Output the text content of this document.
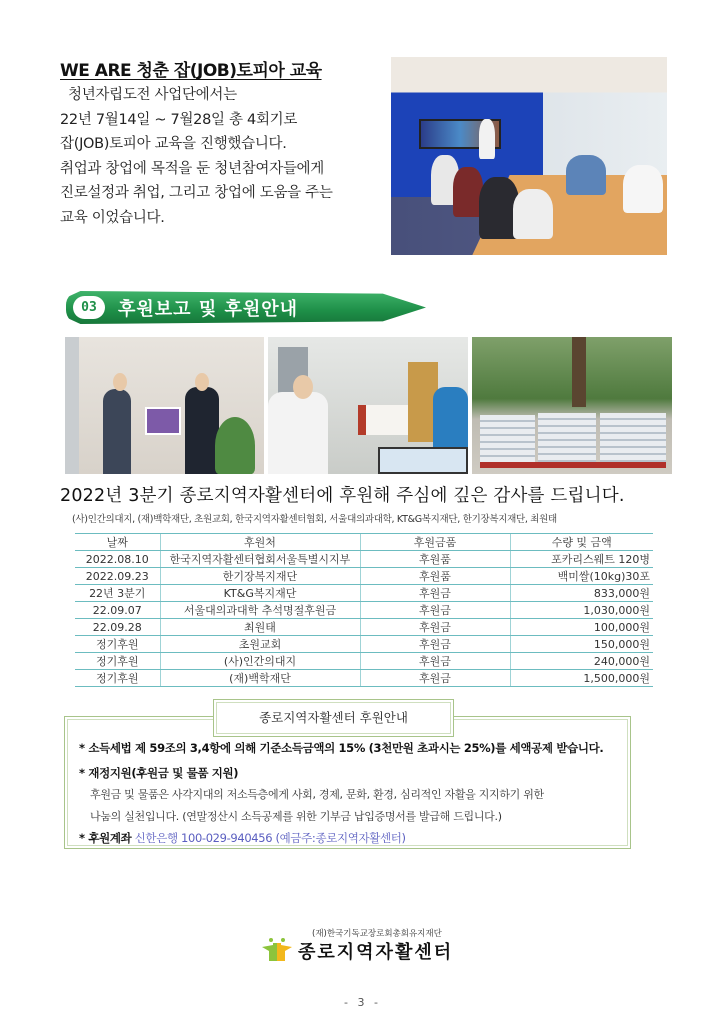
WE ARE 청춘 잡(JOB)토피아 교육

청년자립도전 사업단에서는

22년 7월14일 ~ 7월28일 총 4회기로

잡(JOB)토피아 교육을 진행했습니다.

취업과 창업에 목적을 둔 청년참여자들에게

진로설정과 취업, 그리고 창업에 도움을 주는

교육 이었습니다.

03	후원보고 및 후원안내
2022년 3분기 종로지역자활센터에 후원해 주심에 깊은 감사를 드립니다.
(사)인간의대지, (재)백학재단, 초원교회, 한국지역자활센터협회, 서울대의과대학, KT&G복지재단, 한기장복지재단, 최원태
날짜	후원처	후원금품	수량 및 금액
2022.08.10	한국지역자활센터협회서울특별시지부	후원품	포카리스웨트 120병
2022.09.23	한기장복지재단	후원품	백미쌀(10kg)30포
22년 3분기	KT&G복지재단	후원금	833,000원
22.09.07	서울대의과대학 추석명절후원금	후원금	1,030,000원
22.09.28	최원태	후원금	100,000원
정기후원	초원교회	후원금	150,000원
정기후원	(사)인간의대지	후원금	240,000원
정기후원	(재)백학재단	후원금	1,500,000원
종로지역자활센터 후원안내
* 소득세법 제 59조의 3,4항에 의해 기준소득금액의 15% (3천만원 초과시는 25%)를 세액공제 받습니다.
* 재정지원(후원금 및 물품 지원)
후원금 및 물품은 사각지대의 저소득층에게 사회, 경제, 문화, 환경, 심리적인 자활을 지지하기 위한
나눔의 실천입니다. (연말정산시 소득공제를 위한 기부금 납입증명서를 발급해 드립니다.)
* 후원계좌 신한은행 100-029-940456 (예금주:종로지역자활센터)
(재)한국기독교장로회총회유지재단
종로지역자활센터
- 3 -
